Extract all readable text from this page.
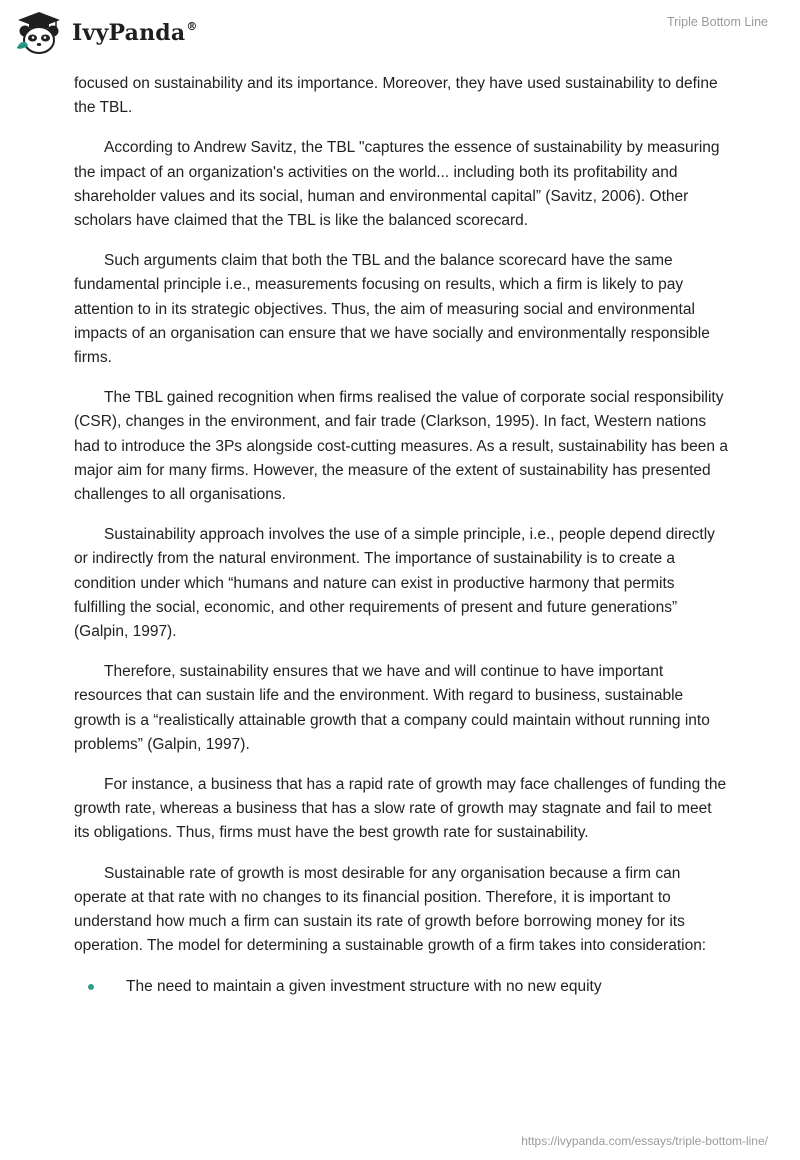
IvyPanda®	Triple Bottom Line

focused on sustainability and its importance. Moreover, they have used sustainability to define the TBL.

According to Andrew Savitz, the TBL "captures the essence of sustainability by measuring the impact of an organization's activities on the world... including both its profitability and shareholder values and its social, human and environmental capital” (Savitz, 2006). Other scholars have claimed that the TBL is like the balanced scorecard.

Such arguments claim that both the TBL and the balance scorecard have the same fundamental principle i.e., measurements focusing on results, which a firm is likely to pay attention to in its strategic objectives. Thus, the aim of measuring social and environmental impacts of an organisation can ensure that we have socially and environmentally responsible firms.

The TBL gained recognition when firms realised the value of corporate social responsibility (CSR), changes in the environment, and fair trade (Clarkson, 1995). In fact, Western nations had to introduce the 3Ps alongside cost-cutting measures. As a result, sustainability has been a major aim for many firms. However, the measure of the extent of sustainability has presented challenges to all organisations.

Sustainability approach involves the use of a simple principle, i.e., people depend directly or indirectly from the natural environment. The importance of sustainability is to create a condition under which “humans and nature can exist in productive harmony that permits fulfilling the social, economic, and other requirements of present and future generations” (Galpin, 1997).

Therefore, sustainability ensures that we have and will continue to have important resources that can sustain life and the environment. With regard to business, sustainable growth is a “realistically attainable growth that a company could maintain without running into problems” (Galpin, 1997).

For instance, a business that has a rapid rate of growth may face challenges of funding the growth rate, whereas a business that has a slow rate of growth may stagnate and fail to meet its obligations. Thus, firms must have the best growth rate for sustainability.

Sustainable rate of growth is most desirable for any organisation because a firm can operate at that rate with no changes to its financial position. Therefore, it is important to understand how much a firm can sustain its rate of growth before borrowing money for its operation. The model for determining a sustainable growth of a firm takes into consideration:

The need to maintain a given investment structure with no new equity
https://ivypanda.com/essays/triple-bottom-line/
